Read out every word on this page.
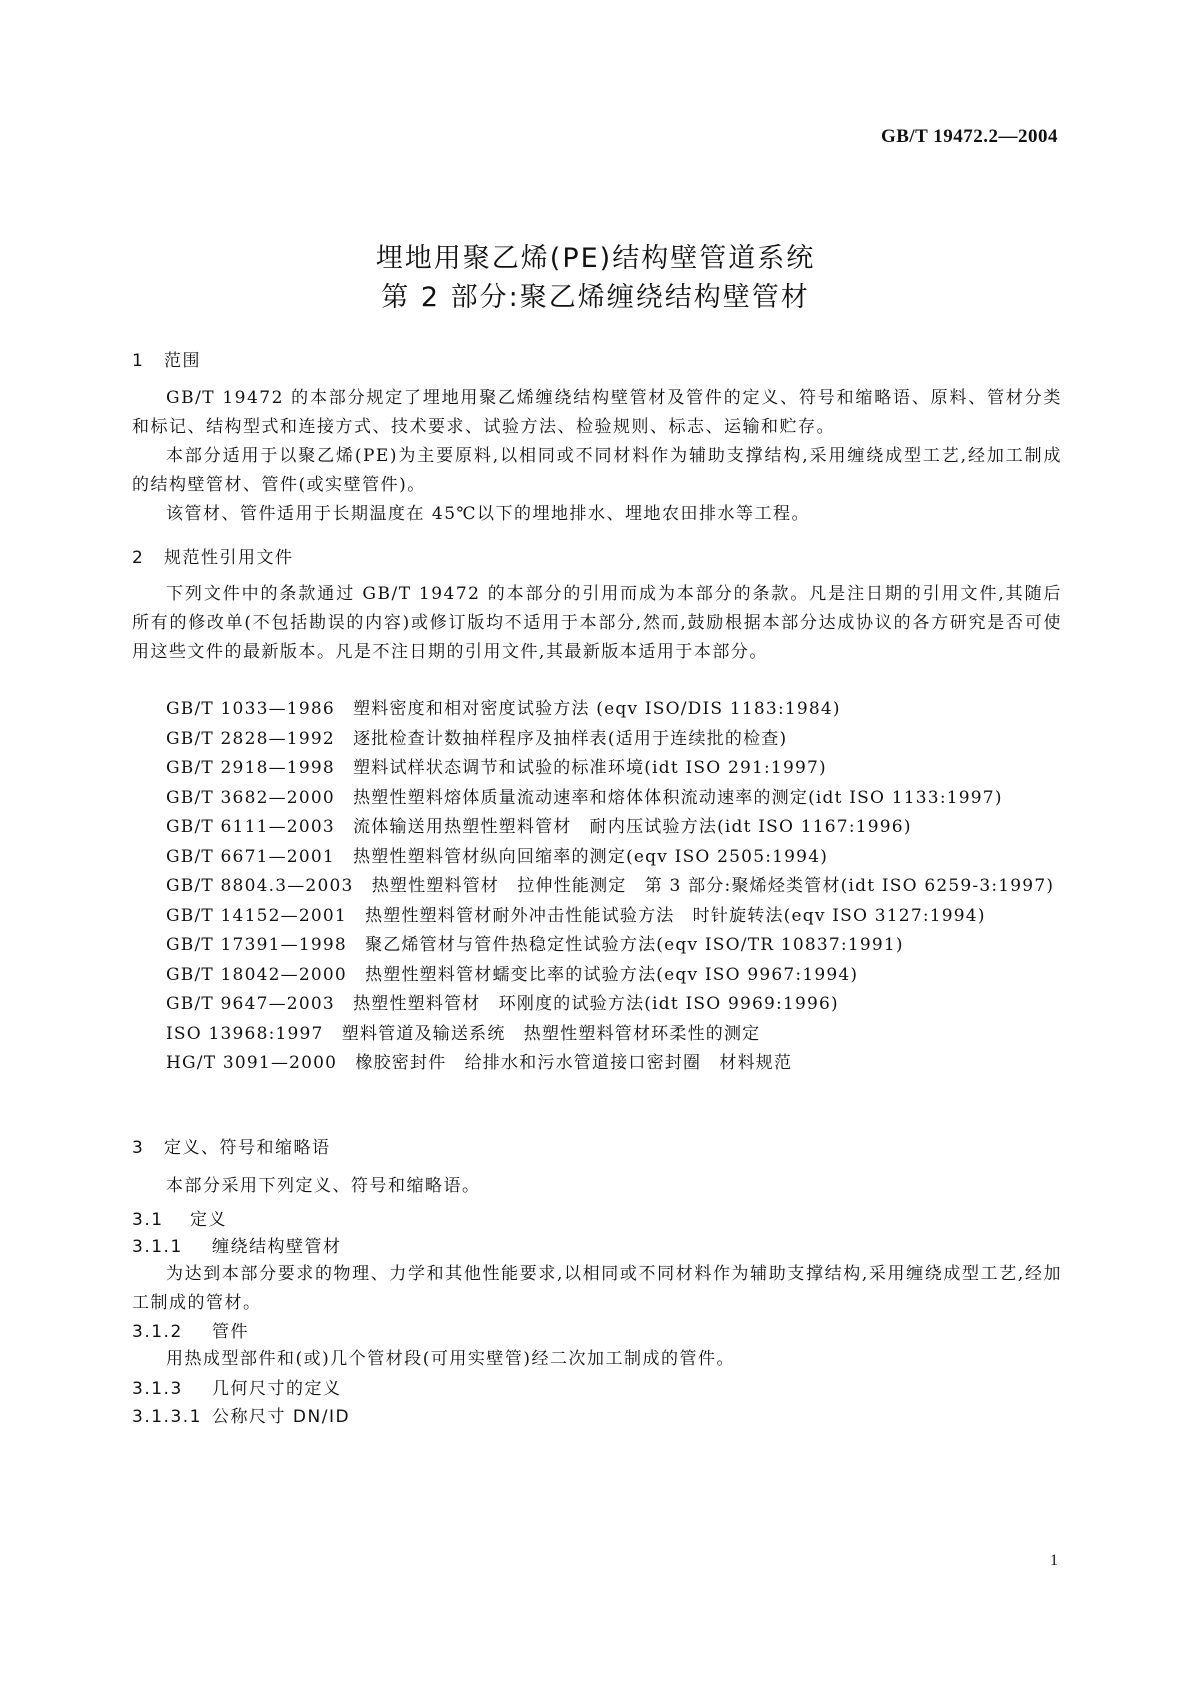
GB/T 19472.2—2004
埋地用聚乙烯(PE)结构壁管道系统
第 2 部分:聚乙烯缠绕结构壁管材
1 范围

GB/T 19472 的本部分规定了埋地用聚乙烯缠绕结构壁管材及管件的定义、符号和缩略语、原料、管材分类和标记、结构型式和连接方式、技术要求、试验方法、检验规则、标志、运输和贮存。

本部分适用于以聚乙烯(PE)为主要原料,以相同或不同材料作为辅助支撑结构,采用缠绕成型工艺,经加工制成的结构壁管材、管件(或实壁管件)。

该管材、管件适用于长期温度在 45℃以下的埋地排水、埋地农田排水等工程。

2 规范性引用文件

下列文件中的条款通过 GB/T 19472 的本部分的引用而成为本部分的条款。凡是注日期的引用文件,其随后所有的修改单(不包括勘误的内容)或修订版均不适用于本部分,然而,鼓励根据本部分达成协议的各方研究是否可使用这些文件的最新版本。凡是不注日期的引用文件,其最新版本适用于本部分。

GB/T 1033—1986　塑料密度和相对密度试验方法 (eqv ISO/DIS 1183:1984)

GB/T 2828—1992　逐批检查计数抽样程序及抽样表(适用于连续批的检查)

GB/T 2918—1998　塑料试样状态调节和试验的标准环境(idt ISO 291:1997)

GB/T 3682—2000　热塑性塑料熔体质量流动速率和熔体体积流动速率的测定(idt ISO 1133:1997)

GB/T 6111—2003　流体输送用热塑性塑料管材　耐内压试验方法(idt ISO 1167:1996)

GB/T 6671—2001　热塑性塑料管材纵向回缩率的测定(eqv ISO 2505:1994)

GB/T 8804.3—2003　热塑性塑料管材　拉伸性能测定　第 3 部分:聚烯烃类管材(idt ISO 6259-3:1997)

GB/T 14152—2001　热塑性塑料管材耐外冲击性能试验方法　时针旋转法(eqv ISO 3127:1994)

GB/T 17391—1998　聚乙烯管材与管件热稳定性试验方法(eqv ISO/TR 10837:1991)

GB/T 18042—2000　热塑性塑料管材蠕变比率的试验方法(eqv ISO 9967:1994)

GB/T 9647—2003　热塑性塑料管材　环刚度的试验方法(idt ISO 9969:1996)

ISO 13968:1997　塑料管道及输送系统　热塑性塑料管材环柔性的测定

HG/T 3091—2000　橡胶密封件　给排水和污水管道接口密封圈　材料规范

3 定义、符号和缩略语

本部分采用下列定义、符号和缩略语。

3.1 定义
3.1.1 缠绕结构壁管材

为达到本部分要求的物理、力学和其他性能要求,以相同或不同材料作为辅助支撑结构,采用缠绕成型工艺,经加工制成的管材。

3.1.2 管件

用热成型部件和(或)几个管材段(可用实壁管)经二次加工制成的管件。

3.1.3 几何尺寸的定义
3.1.3.1 公称尺寸 DN/ID
1
